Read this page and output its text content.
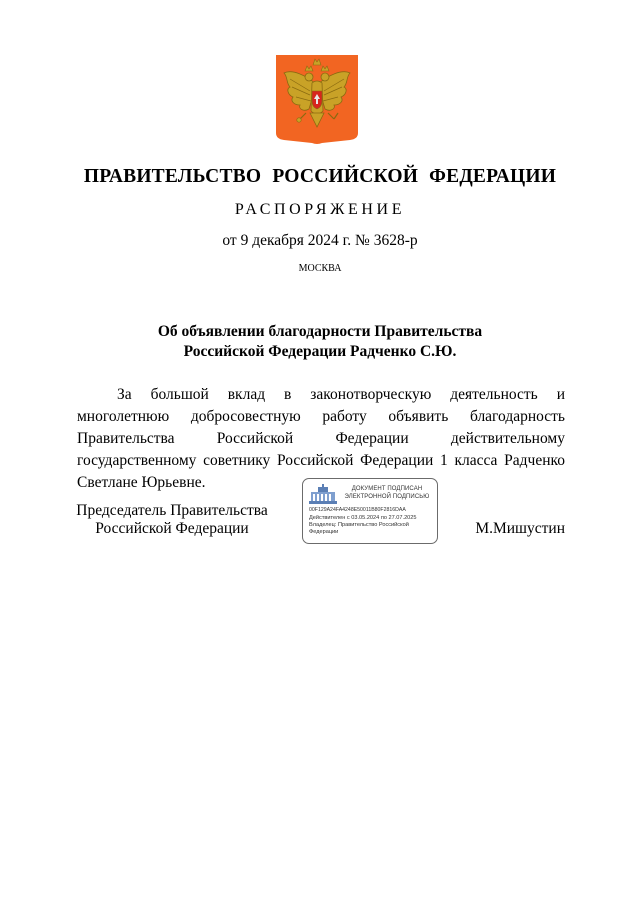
ПРАВИТЕЛЬСТВО РОССИЙСКОЙ ФЕДЕРАЦИИ
РАСПОРЯЖЕНИЕ
от 9 декабря 2024 г. № 3628-р
МОСКВА
Об объявлении благодарности Правительства
Российской Федерации Радченко С.Ю.

За большой вклад в законотворческую деятельность и многолетнюю добросовестную работу объявить благодарность Правительства Российской Федерации действительному государственному советнику Российской Федерации 1 класса Радченко Светлане Юрьевне.

Председатель Правительства
Российской Федерации
ДОКУМЕНТ ПОДПИСАН
ЭЛЕКТРОННОЙ ПОДПИСЬЮ
00F129A24FA4248E50011B80F2816DAA
Действителен с 03.05.2024 по 27.07.2025
Владелец: Правительство Российской
Федерации	М.Мишустин
